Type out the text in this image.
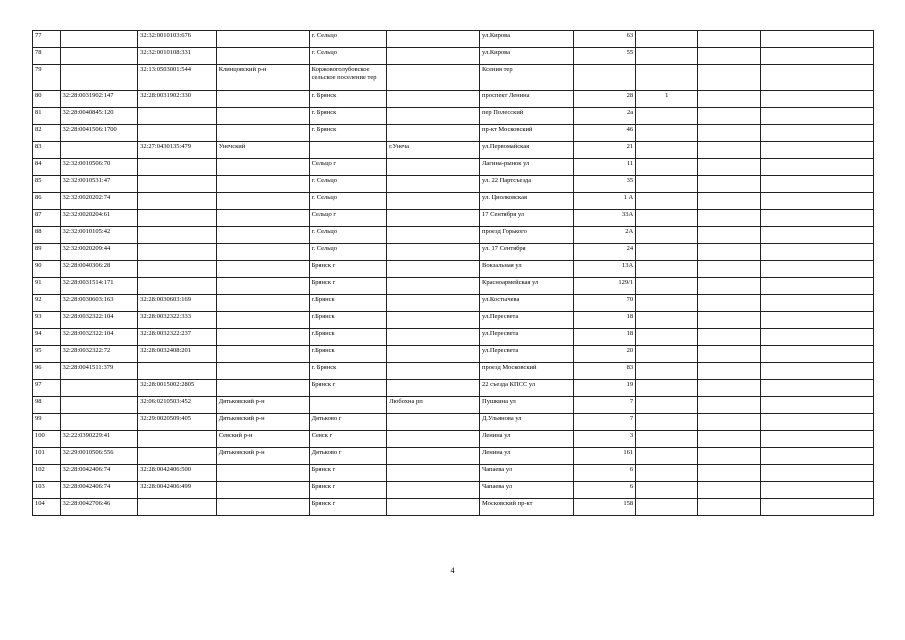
77		32:32:0010103:676		г. Сельцо		ул.Кирова	63			
78		32:32:0010108:331		г. Сельцо		ул.Кирова	55			
79		32:13:0503001:544	Клинцовский р-н	Коржовоголубовское сельское поселение тер		Ксения тер				
80	32:28:0031902:147	32:28:0031902:330		г. Брянск		проспект Ленина	28	1		
81	32:28:0040845:120			г. Брянск		пер Полесский	2а			
82	32:28:0041506:1700			г. Брянск		пр-кт Московский	46			
83		32:27:0430135:479	Унечский		г.Унеча	ул.Первомайская	21			
84	32:32:0010506:70			Сельцо г		Лагина-рынок ул	11			
85	32:32:0010531:47			г. Сельцо		ул. 22 Партсъезда	35			
86	32:32:0020202:74			г. Сельцо		ул. Циолковская	1 А			
87	32:32:0020204:61			Сельцо г		17 Сентября ул	33А			
88	32:32:0010105:42			г. Сельцо		проезд Горького	2А			
89	32:32:0020209:44			г. Сельцо		ул. 17 Сентября	24			
90	32:28:0040306:28			Брянск г		Вокзальная ул	13А			
91	32:28:0031514:171			Брянск г		Красноармейская ул	129/1			
92	32:28:0030603:163	32:28:0030603:169		г.Брянск		ул.Костычева	70			
93	32:28:0032322:104	32:28:0032322:333		г.Брянск		ул.Пересвета	18			
94	32:28:0032322:104	32:28:0032322:237		г.Брянск		ул.Пересвета	18			
95	32:28:0032322:72	32:28:0032408:201		г.Брянск		ул.Пересвета	20			
96	32:28:0041511:379			г. Брянск		проезд Московский	83			
97		32:28:0015002:2805		Брянск г		22 съезда КПСС ул	19			
98		32:06:0210503:452	Дятьковский р-н		Любохна рп	Пушкина ул	7			
99		32:29:0020509:405	Дятьковский р-н	Дятьково г		Д.Ульянова ул	7			
100	32:22:0390229:41		Севский р-н	Севск г		Ленина ул	3			
101	32:29:0010506:556		Дятьковский р-н	Дятьково г		Ленина ул	161			
102	32:28:0042406:74	32:28:0042406:500		Брянск г		Чапаева ул	6			
103	32:28:0042406:74	32:28:0042406:499		Брянск г		Чапаева ул	6			
104	32:28:0042706:46			Брянск г		Московский пр-кт	158			
4
